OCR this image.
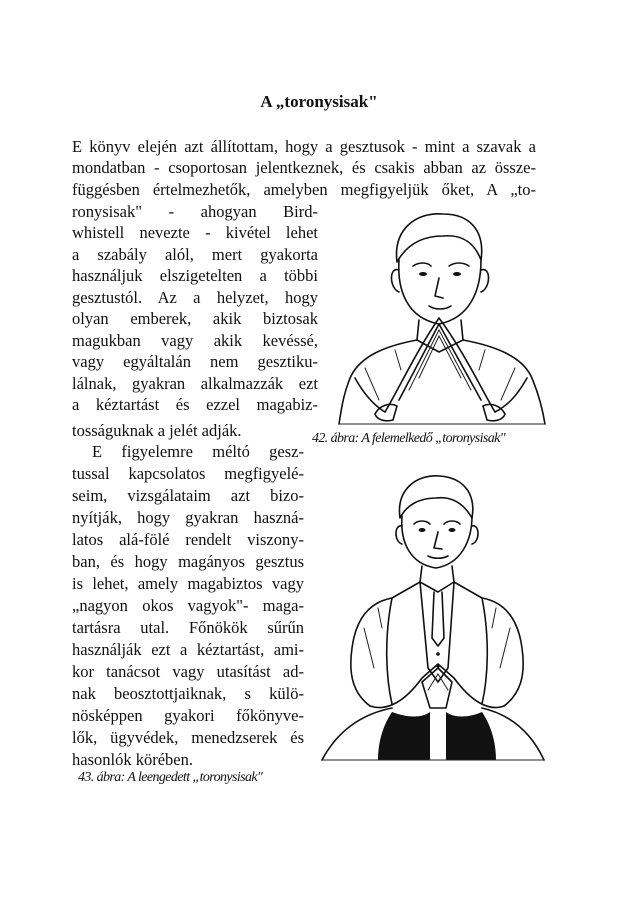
A „toronysisak"
E könyv elején azt állítottam, hogy a gesztusok - mint a szavak a
mondatban - csoportosan jelentkeznek, és csakis abban az össze-
függésben értelmezhetők, amelyben megfigyeljük őket, A „to-
ronysisak" - ahogyan Bird-
whistell nevezte - kivétel lehet
a szabály alól, mert gyakorta
használjuk elszigetelten a többi
gesztustól. Az a helyzet, hogy
olyan emberek, akik biztosak
magukban vagy akik kevéssé,
vagy egyáltalán nem gesztiku-
lálnak, gyakran alkalmazzák ezt
a kéztartást és ezzel magabiz-
tosságuknak a jelét adják.
E figyelemre méltó gesz-
tussal kapcsolatos megfigyelé-
seim, vizsgálataim azt bizo-
nyítják, hogy gyakran haszná-
latos alá-fölé rendelt viszony-
ban, és hogy magányos gesztus
is lehet, amely magabiztos vagy
„nagyon okos vagyok"- maga-
tartásra utal. Főnökök sűrűn
használják ezt a kéztartást, ami-
kor tanácsot vagy utasítást ad-
nak beosztottjaiknak, s külö-
nösképpen gyakori főkönyve-
lők, ügyvédek, menedzserek és
hasonlók körében.
42. ábra: A felemelkedő „toronysisak"
43. ábra: A leengedett „toronysisak"
